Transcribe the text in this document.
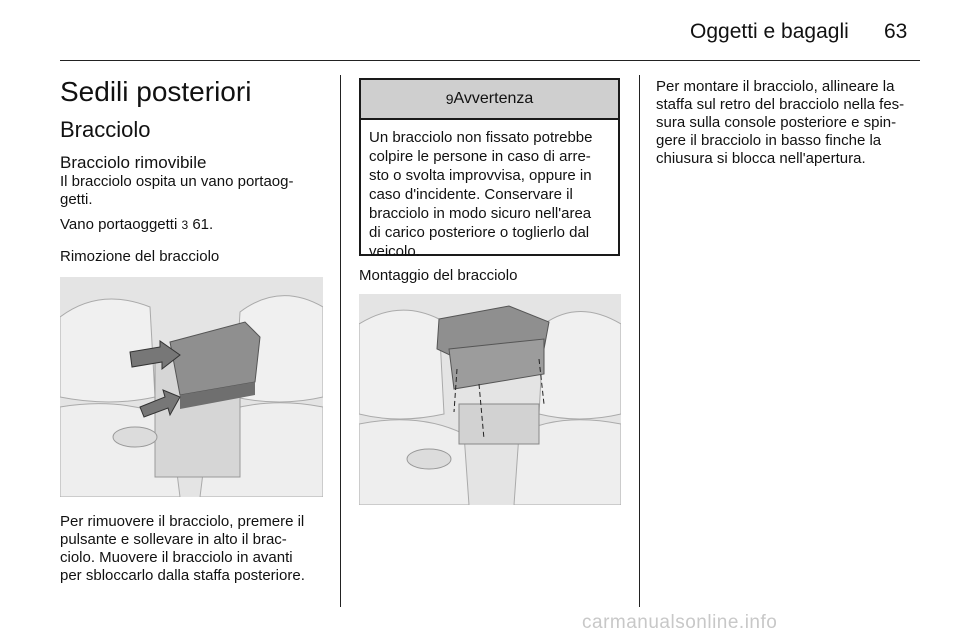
Oggetti e bagagli 63
Sedili posteriori
Bracciolo
Bracciolo rimovibile

Il bracciolo ospita un vano portaog-

getti.

Vano portaoggetti 3 61.

Rimozione del bracciolo

Per rimuovere il bracciolo, premere il

pulsante e sollevare in alto il brac-

ciolo. Muovere il bracciolo in avanti

per sbloccarlo dalla staffa posteriore.

9 Avvertenza

Un bracciolo non fissato potrebbe

colpire le persone in caso di arre-

sto o svolta improvvisa, oppure in

caso d'incidente. Conservare il

bracciolo in modo sicuro nell'area

di carico posteriore o toglierlo dal

veicolo.

Montaggio del bracciolo

Per montare il bracciolo, allineare la

staffa sul retro del bracciolo nella fes-

sura sulla console posteriore e spin-

gere il bracciolo in basso finche la

chiusura si blocca nell'apertura.

carmanualsonline.info
